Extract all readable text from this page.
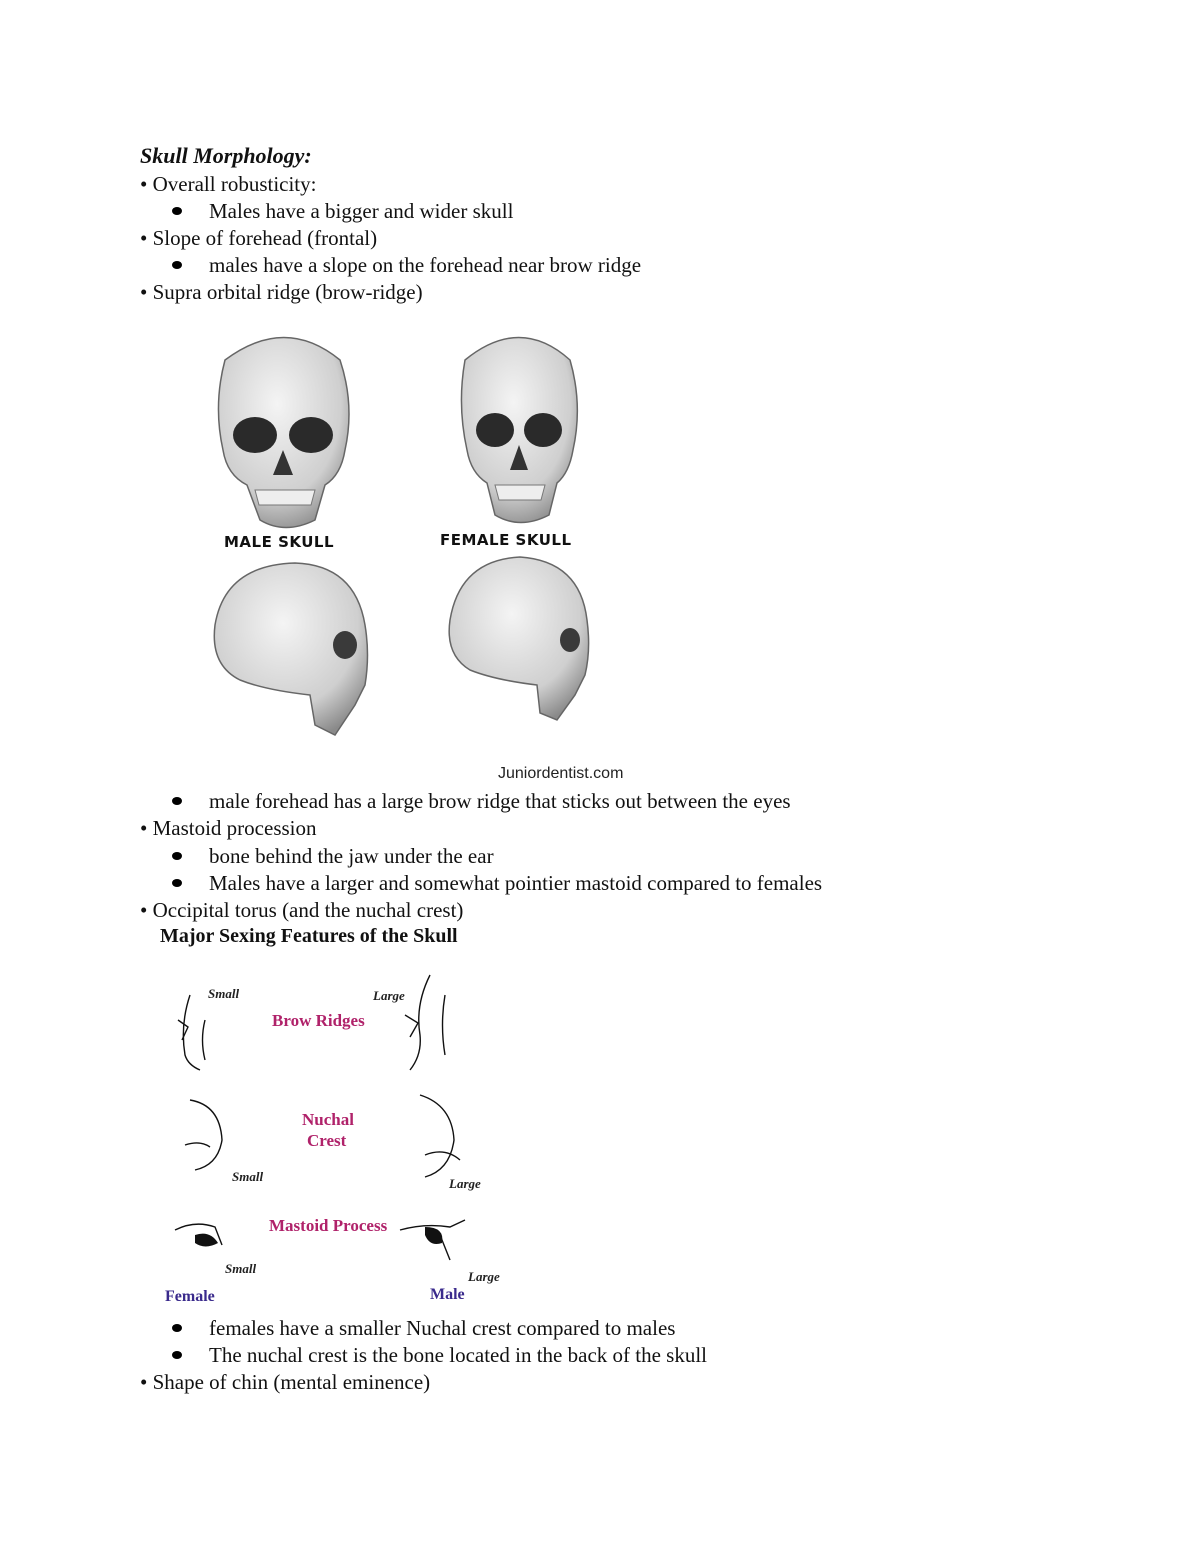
Skull Morphology:
• Overall robusticity:
Males have a bigger and wider skull
• Slope of forehead (frontal)
males have a slope on the forehead near brow ridge
• Supra orbital ridge (brow-ridge)
MALE SKULL	FEMALE SKULL
Juniordentist.com
male forehead has a large brow ridge that sticks out between the eyes
• Mastoid procession
bone behind the jaw under the ear
Males have a larger and somewhat pointier mastoid compared to females
• Occipital torus (and the nuchal crest)
Major Sexing Features of the Skull
Small	Large
Brow Ridges
Nuchal
Crest
Small	Large
Mastoid Process
Small
Large
Female	Male
females have a smaller Nuchal crest compared to males
The nuchal crest is the bone located in the back of the skull
• Shape of chin (mental eminence)
